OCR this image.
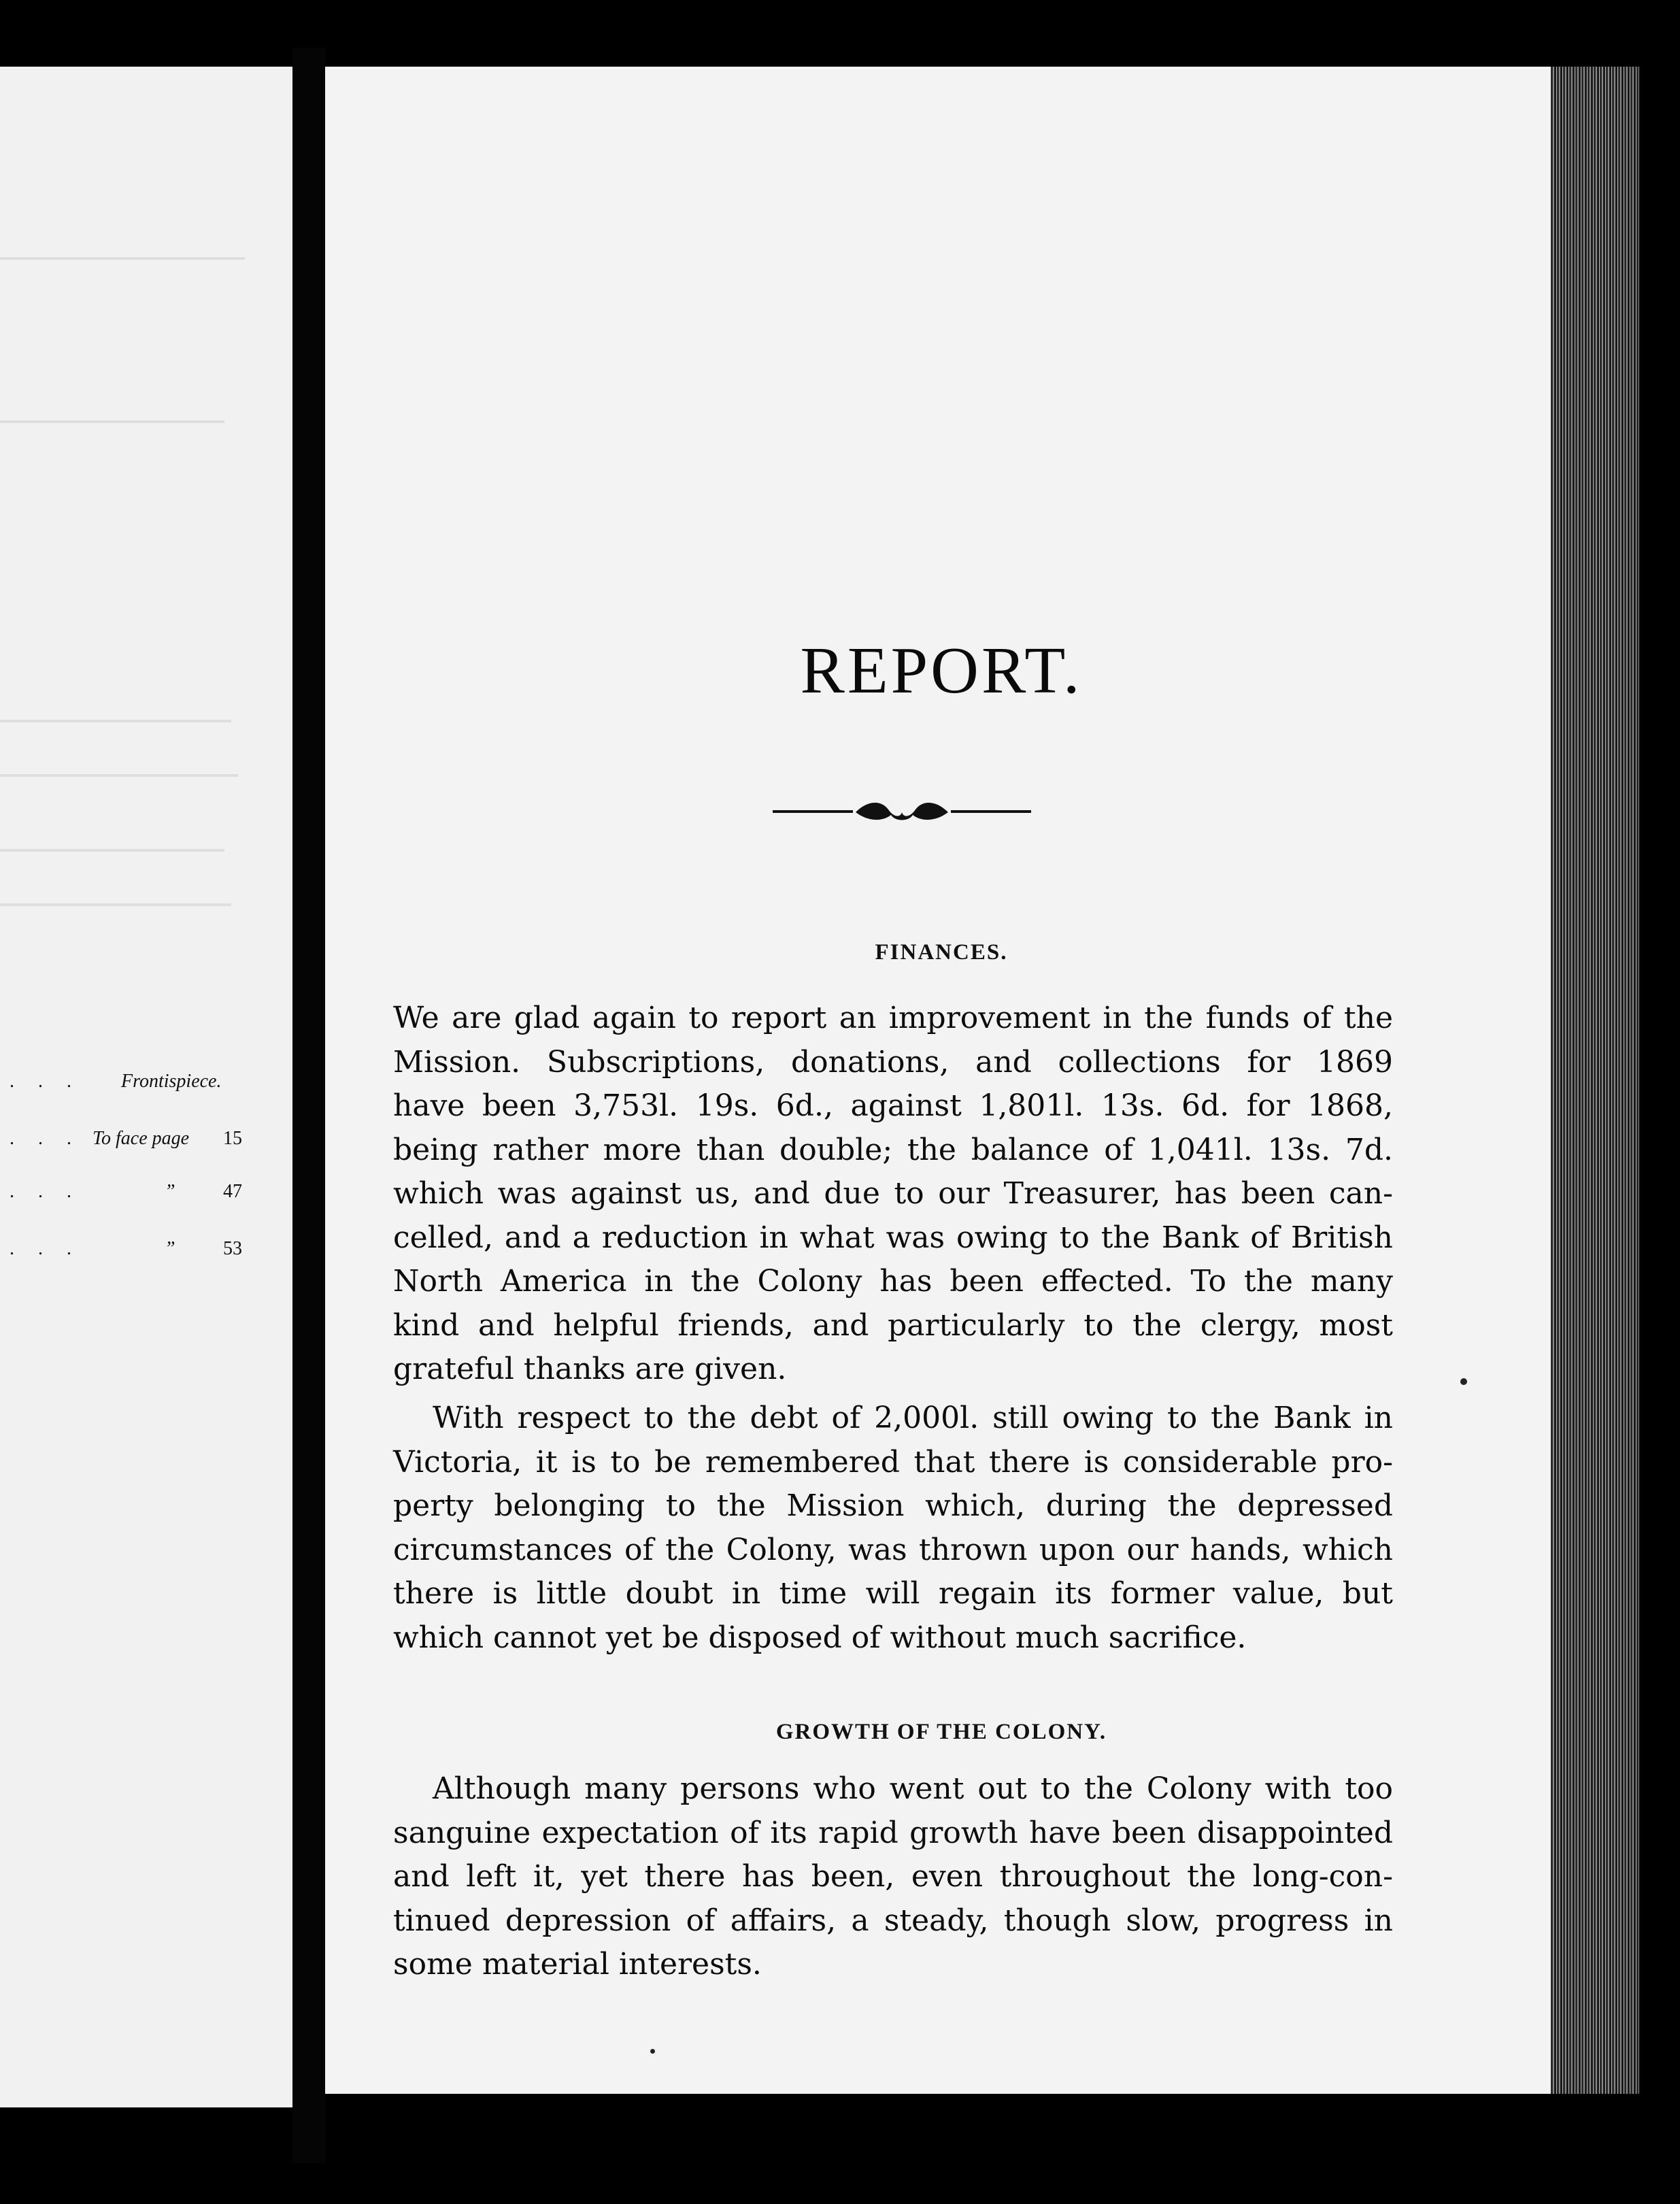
. . . Frontispiece.
. . . To face page 15
. . .	”	47
. . .	”	53
REPORT.
FINANCES.
We are glad again to report an improvement in the funds of the
Mission. Subscriptions, donations, and collections for 1869
have been 3,753l. 19s. 6d., against 1,801l. 13s. 6d. for 1868,
being rather more than double; the balance of 1,041l. 13s. 7d.
which was against us, and due to our Treasurer, has been can-
celled, and a reduction in what was owing to the Bank of British
North America in the Colony has been effected. To the many
kind and helpful friends, and particularly to the clergy, most
grateful thanks are given.
With respect to the debt of 2,000l. still owing to the Bank in
Victoria, it is to be remembered that there is considerable pro-
perty belonging to the Mission which, during the depressed
circumstances of the Colony, was thrown upon our hands, which
there is little doubt in time will regain its former value, but
which cannot yet be disposed of without much sacrifice.
GROWTH OF THE COLONY.
Although many persons who went out to the Colony with too
sanguine expectation of its rapid growth have been disappointed
and left it, yet there has been, even throughout the long-con-
tinued depression of affairs, a steady, though slow, progress in
some material interests.
